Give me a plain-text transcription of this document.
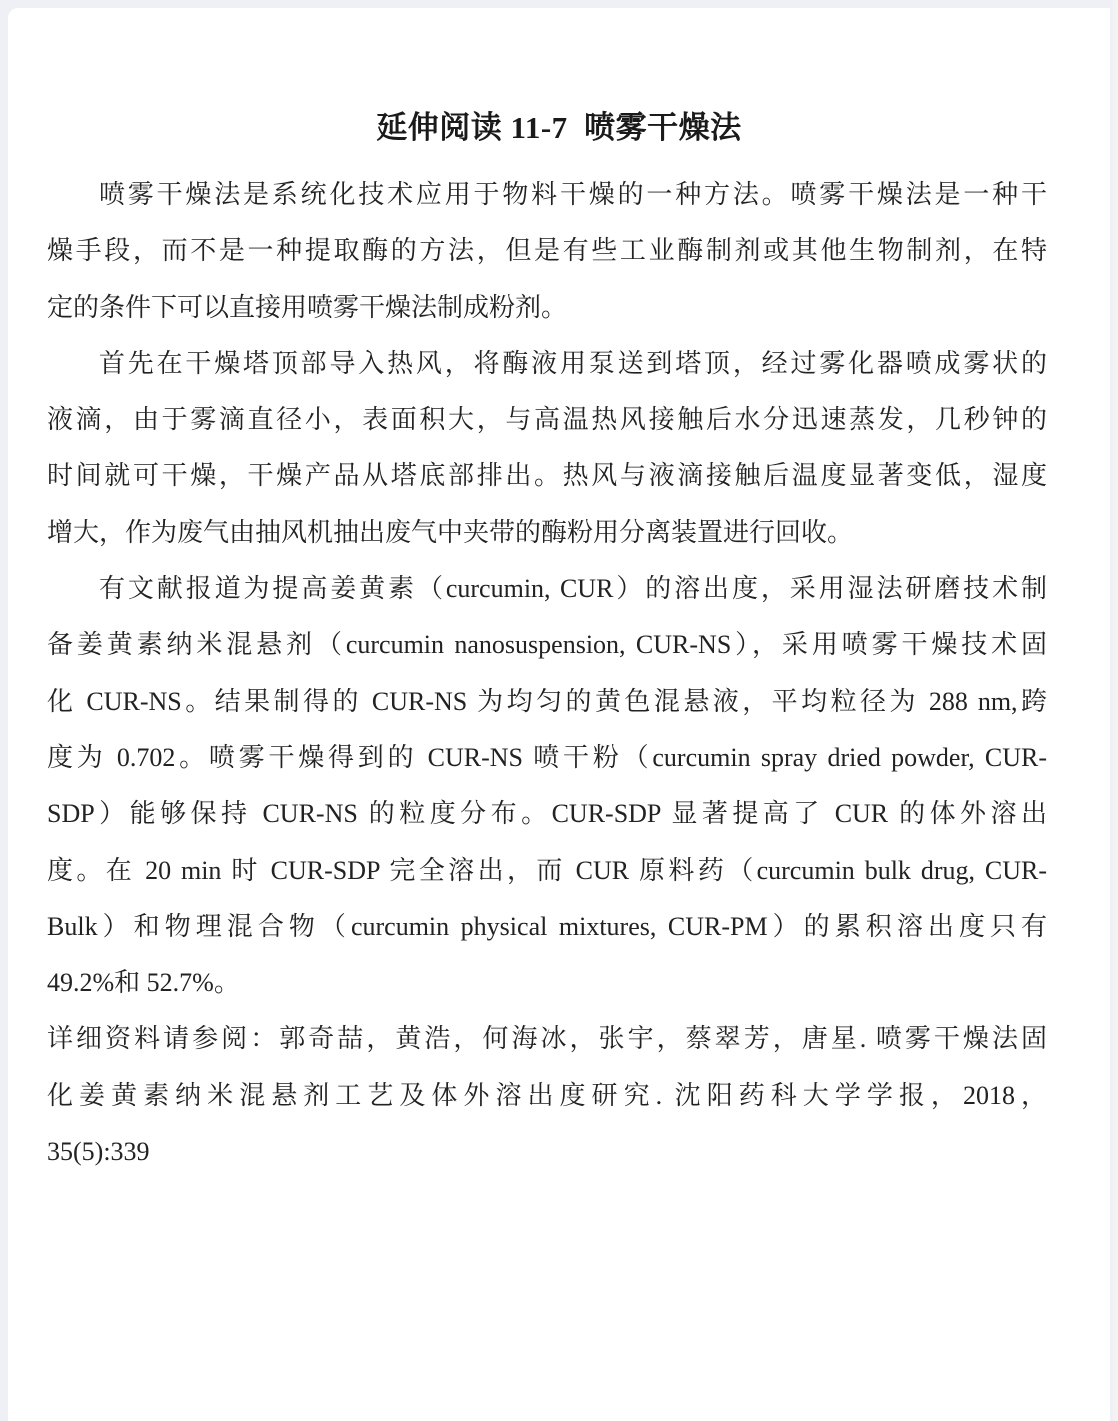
延伸阅读 11-7  喷雾干燥法
喷雾干燥法是系统化技术应用于物料干燥的一种方法。喷雾干燥法是一种干
燥手段，而不是一种提取酶的方法，但是有些工业酶制剂或其他生物制剂，在特
定的条件下可以直接用喷雾干燥法制成粉剂。
首先在干燥塔顶部导入热风，将酶液用泵送到塔顶，经过雾化器喷成雾状的
液滴，由于雾滴直径小，表面积大，与高温热风接触后水分迅速蒸发，几秒钟的
时间就可干燥，干燥产品从塔底部排出。热风与液滴接触后温度显著变低，湿度
增大，作为废气由抽风机抽出废气中夹带的酶粉用分离装置进行回收。
有文献报道为提高姜黄素（curcumin, CUR）的溶出度，采用湿法研磨技术制
备姜黄素纳米混悬剂（curcumin nanosuspension, CUR-NS），采用喷雾干燥技术固
化 CUR-NS。结果制得的 CUR-NS 为均匀的黄色混悬液，平均粒径为 288 nm,跨
度为 0.702。喷雾干燥得到的 CUR-NS 喷干粉（curcumin spray dried powder, CUR-
SDP）能够保持 CUR-NS 的粒度分布。CUR-SDP 显著提高了 CUR 的体外溶出
度。在 20 min 时 CUR-SDP 完全溶出，而 CUR 原料药（curcumin bulk drug, CUR-
Bulk）和物理混合物（curcumin physical mixtures, CUR-PM）的累积溶出度只有
49.2%和 52.7%。
详细资料请参阅：郭奇喆，黄浩，何海冰，张宇，蔡翠芳，唐星. 喷雾干燥法固
化姜黄素纳米混悬剂工艺及体外溶出度研究. 沈阳药科大学学报，2018，
35(5):339
